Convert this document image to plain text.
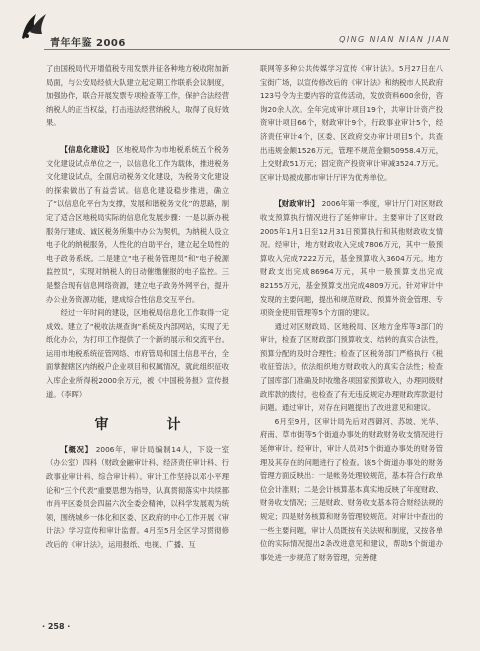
青年年鉴 2006	QING NIAN NIAN JIAN

了由国税局代开增值税专用发票并征各种地方税收附加新局面，与公安局经侦大队建立起定期工作联系会议制度，加强协作，联合开展发票专项检查等工作，保护合法经营纳税人的正当权益，打击违法经营纳税人，取得了良好效果。

【信息化建设】 区地税局作为市地税系统五个税务文化建设试点单位之一，以信息化工作为载体，推进税务文化建设试点，全面启动税务文化建设，为税务文化建设的探索做出了有益尝试。信息化建设稳步推进，确立了“以信息化平台为支撑，发展和谐税务文化”的思路，制定了适合区地税局实际的信息化发展步骤：一是以新办税服务厅建成、诚区税务所集中办公为契机，为纳税人设立电子化的纳税服务，人性化的自助平台，建立起全局性的电子政务系统。二是建立“电子税务管理员”和“电子税源监控员”，实现对纳税人的日动催缴催报的电子监控。三是整合现有信息网络资源，建立电子政务外网平台，提升办公业务资源功能，建成综合性信息交互平台。

经过一年时间的建设，区地税局信息化工作取得一定成效。建立了“税收法规查询”系统及内部网站，实现了无纸化办公，为打印工作提供了一个新的展示和交流平台。运用市地税系统征管网络、市府管局和国土信息平台，全面掌握辖区内纳税户企业项目和权属情况，就此组织征收入库企业所得税2000余万元，被《中国税务报》宣传报道。（李晖）

审　计

【概况】 2006年，审计局编制14人，下设一室（办公室）四科（财政金融审计科、经济责任审计科、行政事业审计科、综合审计科）。审计工作坚持以邓小平理论和“三个代表”重要思想为指导，认真贯彻落实中共续都市肖平区委员会四届六次全委会精神，以科学发展观为统领，围绕城乡一体化和区委、区政府的中心工作开展《审计法》学习宣传和审计监督。4月至5月全区学习贯彻修改后的《审计法》，运用报纸、电视、广播、互

联网等多种公共传媒学习宣传《审计法》。5月27日在八宝街广场，以宣传修改后的《审计法》和纳税市人民政府123号令为主要内容的宣传活动，发放资料600余份，咨询20余人次。全年完成审计项目19个，共审计计资产投资审计项目66个，财政审计9个，行政事业审计5个，经济责任审计4个，区委、区政府交办审计项目5个。共查出违规金额1526万元，管理不规范金额50958.4万元，上交财政51万元；固定资产投资审计审减3524.7万元。区审计局被成都市审计厅评为优秀单位。

【财政审计】 2006年第一季度，审计厅门对区财政收支预算执行情况进行了延伸审计。主要审计了区财政2005年1月1日至12月31日预算执行和其他财政收支情况。经审计，地方财政收入完成7806万元，其中一般预算收入完成7222万元，基金预算收入3604万元。地方财政支出完成86964万元，其中一般预算支出完成82155万元，基金预算支出完成4809万元。针对审计中发现的主要问题，提出和规范财政、预算外资金管理、专项资金使用管理等5个方面的建议。

通过对区财政局、区地税局、区地方金库等3部门的审计，检查了区财政部门预算收支、结转的真实合法性，预算分配的及时合理性；检查了区税务部门严格执行《税收征管法》，依法组织地方财政收入的真实合法性；检查了国库部门准确及时收缴各项国家预算收入，办理同级财政库款的拨付，也检查了有无违反规定办理财政库款退付问题。通过审计，对存在问题提出了改进意见和建议。

6月至9月，区审计局先后对西御河、苏坡、光华、府南、草市街等5个街道办事处的财政财务收支情况进行延伸审计。经审计，审计人员对5个街道办事处的财务管理及其存在的问题进行了检查。该5个街道办事处的财务管理方面反映出：一是帐务处理较规范，基本符合行政单位会计准则；二是会计核算基本真实地反映了年度财政、财务收支情况；三是财政、财务收支基本符合财经法规的规定；四是财务核算和财务管理较规范。对审计中查出的一些主要问题，审计人员既按有关法规和制度，又按各单位的实际情况提出2条改进意见和建议，帮助5个街道办事处进一步规范了财务管理，完善健

· 258 ·
